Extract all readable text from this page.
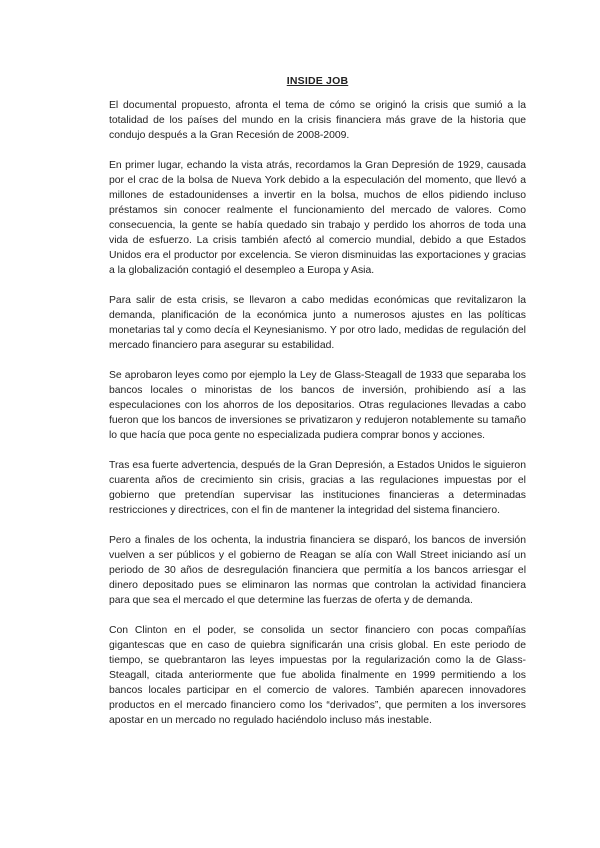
INSIDE JOB

El documental propuesto, afronta el tema de cómo se originó la crisis que sumió a la totalidad de los países del mundo en la crisis financiera más grave de la historia que condujo después a la Gran Recesión de 2008-2009.

En primer lugar, echando la vista atrás, recordamos la Gran Depresión de 1929, causada por el crac de la bolsa de Nueva York debido a la especulación del momento, que llevó a millones de estadounidenses a invertir en la bolsa, muchos de ellos pidiendo incluso préstamos sin conocer realmente el funcionamiento del mercado de valores. Como consecuencia, la gente se había quedado sin trabajo y perdido los ahorros de toda una vida de esfuerzo. La crisis también afectó al comercio mundial, debido a que Estados Unidos era el productor por excelencia. Se vieron disminuidas las exportaciones y gracias a la globalización contagió el desempleo a Europa y Asia.

Para salir de esta crisis, se llevaron a cabo medidas económicas que revitalizaron la demanda, planificación de la económica junto a numerosos ajustes en las políticas monetarias tal y como decía el Keynesianismo. Y por otro lado, medidas de regulación del mercado financiero para asegurar su estabilidad.

Se aprobaron leyes como por ejemplo la Ley de Glass-Steagall de 1933 que separaba los bancos locales o minoristas de los bancos de inversión, prohibiendo así a las especulaciones con los ahorros de los depositarios. Otras regulaciones llevadas a cabo fueron que los bancos de inversiones se privatizaron y redujeron notablemente su tamaño lo que hacía que poca gente no especializada pudiera comprar bonos y acciones.

Tras esa fuerte advertencia, después de la Gran Depresión, a Estados Unidos le siguieron cuarenta años de crecimiento sin crisis, gracias a las regulaciones impuestas por el gobierno que pretendían supervisar las instituciones financieras a determinadas restricciones y directrices, con el fin de mantener la integridad del sistema financiero.

Pero a finales de los ochenta, la industria financiera se disparó, los bancos de inversión vuelven a ser públicos y el gobierno de Reagan se alía con Wall Street iniciando así un periodo de 30 años de desregulación financiera que permitía a los bancos arriesgar el dinero depositado pues se eliminaron las normas que controlan la actividad financiera para que sea el mercado el que determine las fuerzas de oferta y de demanda.

Con Clinton en el poder, se consolida un sector financiero con pocas compañías gigantescas que en caso de quiebra significarán una crisis global. En este periodo de tiempo, se quebrantaron las leyes impuestas por la regularización como la de Glass-Steagall, citada anteriormente que fue abolida finalmente en 1999 permitiendo a los bancos locales participar en el comercio de valores. También aparecen innovadores productos en el mercado financiero como los “derivados”, que permiten a los inversores apostar en un mercado no regulado haciéndolo incluso más inestable.
